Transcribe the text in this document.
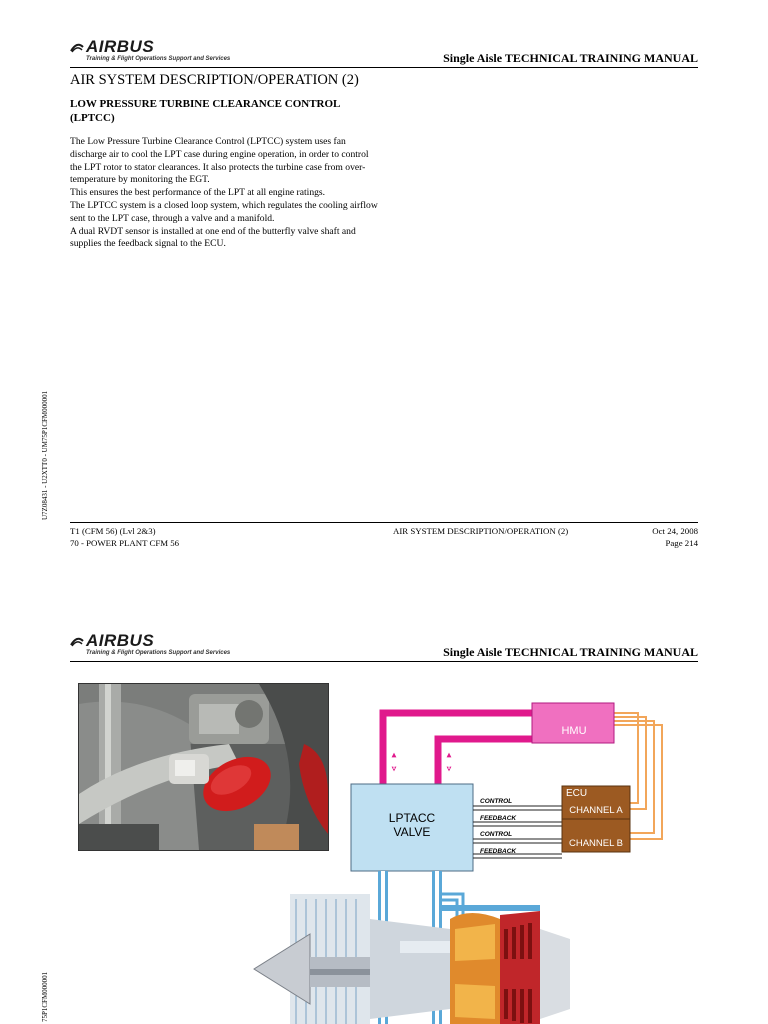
AIRBUS
Training & Flight Operations Support and Services	Single Aisle TECHNICAL TRAINING MANUAL
AIR SYSTEM DESCRIPTION/OPERATION (2)
LOW PRESSURE TURBINE CLEARANCE CONTROL (LPTCC)

The Low Pressure Turbine Clearance Control (LPTCC) system uses fan discharge air to cool the LPT case during engine operation, in order to control the LPT rotor to stator clearances. It also protects the turbine case from over-temperature by monitoring the EGT.

This ensures the best performance of the LPT at all engine ratings.

The LPTCC system is a closed loop system, which regulates the cooling airflow sent to the LPT case, through a valve and a manifold.

A dual RVDT sensor is installed at one end of the butterfly valve shaft and supplies the feedback signal to the ECU.

U7Z08431 - U2XTT0 - UM75P1CFM000001
T1 (CFM 56) (Lvl 2&3)
70 - POWER PLANT CFM 56
AIR SYSTEM DESCRIPTION/OPERATION (2)	Oct 24, 2008
Page 214
AIRBUS
Training & Flight Operations Support and Services	Single Aisle TECHNICAL TRAINING MANUAL
75P1CFM000001
HMU
LPTACC
VALVE
CONTROL
FEEDBACK
CONTROL
FEEDBACK
ECU
CHANNEL A
CHANNEL B
